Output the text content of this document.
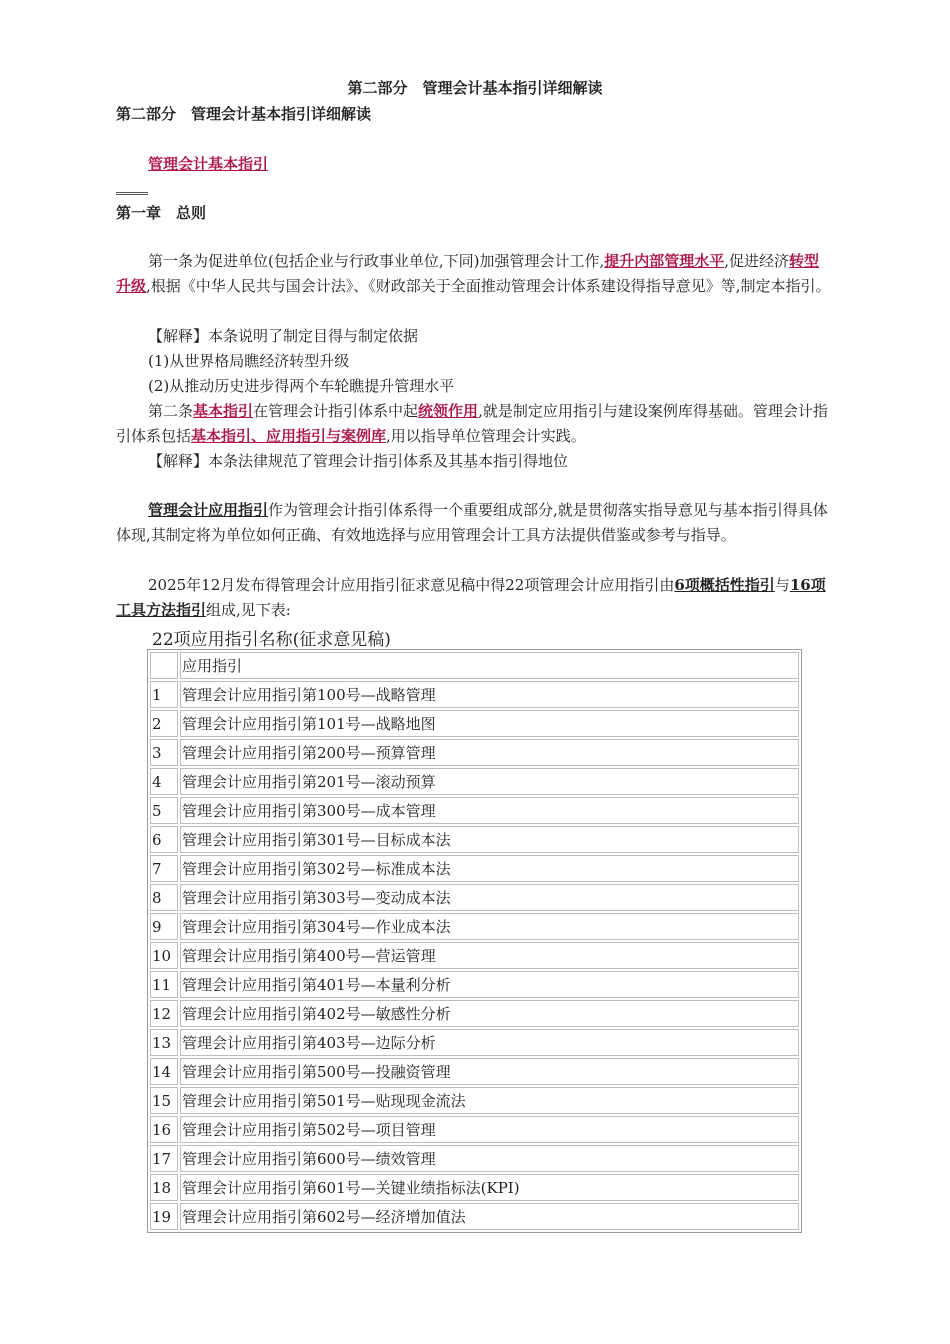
第二部分　管理会计基本指引详细解读
第二部分　管理会计基本指引详细解读
管理会计基本指引
第一章　总则
第一条为促进单位(包括企业与行政事业单位,下同)加强管理会计工作,提升内部管理水平,促进经济转型升级,根据《中华人民共与国会计法》、《财政部关于全面推动管理会计体系建设得指导意见》等,制定本指引。
【解释】本条说明了制定目得与制定依据
(1)从世界格局瞧经济转型升级
(2)从推动历史进步得两个车轮瞧提升管理水平
第二条基本指引在管理会计指引体系中起统领作用,就是制定应用指引与建设案例库得基础。管理会计指引体系包括基本指引、应用指引与案例库,用以指导单位管理会计实践。
【解释】本条法律规范了管理会计指引体系及其基本指引得地位
管理会计应用指引作为管理会计指引体系得一个重要组成部分,就是贯彻落实指导意见与基本指引得具体体现,其制定将为单位如何正确、有效地选择与应用管理会计工具方法提供借鉴或参考与指导。
2025年12月发布得管理会计应用指引征求意见稿中得22项管理会计应用指引由6项概括性指引与16项工具方法指引组成,见下表:
22项应用指引名称(征求意见稿)
	应用指引
1	管理会计应用指引第100号—战略管理
2	管理会计应用指引第101号—战略地图
3	管理会计应用指引第200号—预算管理
4	管理会计应用指引第201号—滚动预算
5	管理会计应用指引第300号—成本管理
6	管理会计应用指引第301号—目标成本法
7	管理会计应用指引第302号—标准成本法
8	管理会计应用指引第303号—变动成本法
9	管理会计应用指引第304号—作业成本法
10	管理会计应用指引第400号—营运管理
11	管理会计应用指引第401号—本量利分析
12	管理会计应用指引第402号—敏感性分析
13	管理会计应用指引第403号—边际分析
14	管理会计应用指引第500号—投融资管理
15	管理会计应用指引第501号—贴现现金流法
16	管理会计应用指引第502号—项目管理
17	管理会计应用指引第600号—绩效管理
18	管理会计应用指引第601号—关键业绩指标法(KPI)
19	管理会计应用指引第602号—经济增加值法
